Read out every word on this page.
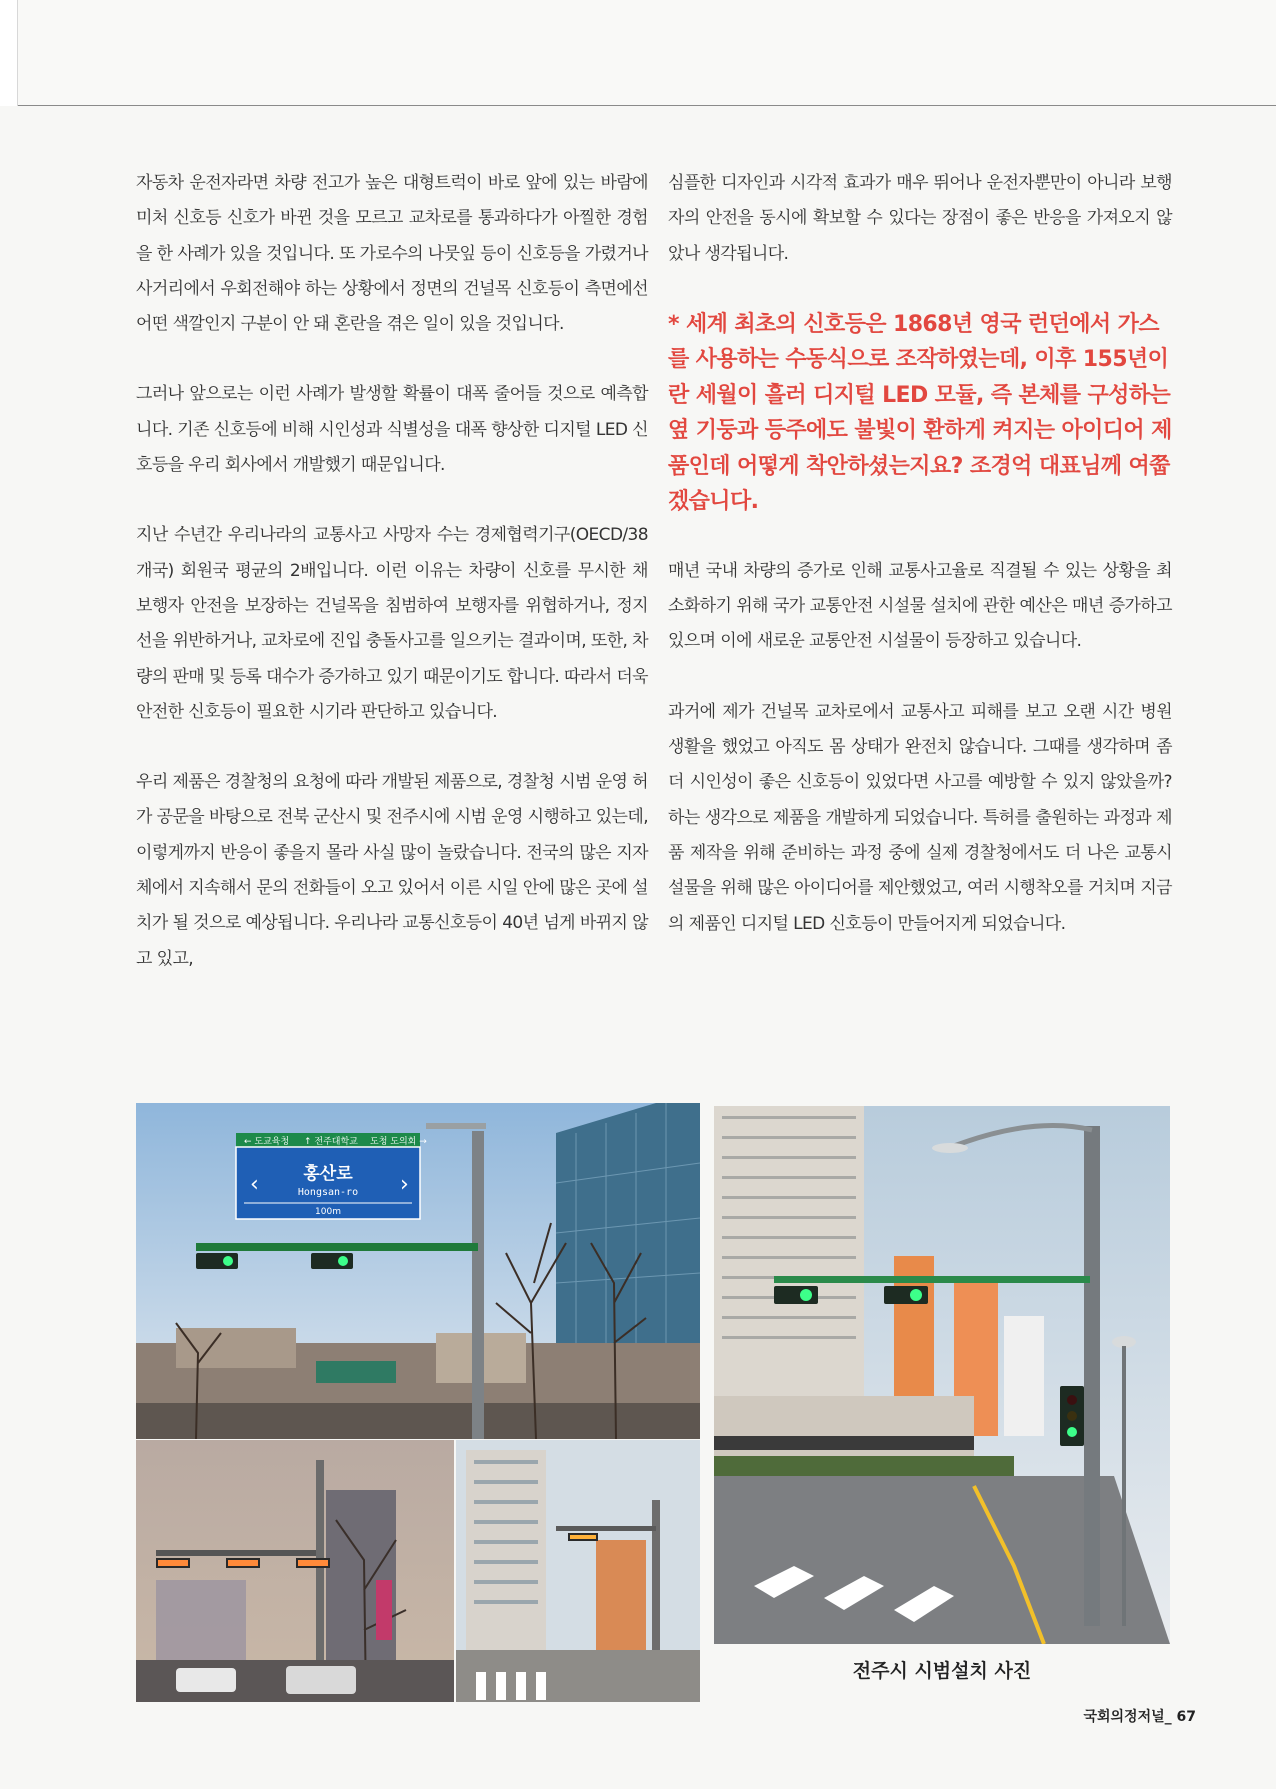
자동차 운전자라면 차량 전고가 높은 대형트럭이 바로 앞에 있는 바람에 미처 신호등 신호가 바뀐 것을 모르고 교차로를 통과하다가 아찔한 경험을 한 사례가 있을 것입니다. 또 가로수의 나뭇잎 등이 신호등을 가렸거나 사거리에서 우회전해야 하는 상황에서 정면의 건널목 신호등이 측면에선 어떤 색깔인지 구분이 안 돼 혼란을 겪은 일이 있을 것입니다.

그러나 앞으로는 이런 사례가 발생할 확률이 대폭 줄어들 것으로 예측합니다. 기존 신호등에 비해 시인성과 식별성을 대폭 향상한 디지털 LED 신호등을 우리 회사에서 개발했기 때문입니다.

지난 수년간 우리나라의 교통사고 사망자 수는 경제협력기구(OECD/38개국) 회원국 평균의 2배입니다. 이런 이유는 차량이 신호를 무시한 채 보행자 안전을 보장하는 건널목을 침범하여 보행자를 위협하거나, 정지선을 위반하거나, 교차로에 진입 충돌사고를 일으키는 결과이며, 또한, 차량의 판매 및 등록 대수가 증가하고 있기 때문이기도 합니다. 따라서 더욱 안전한 신호등이 필요한 시기라 판단하고 있습니다.

우리 제품은 경찰청의 요청에 따라 개발된 제품으로, 경찰청 시범 운영 허가 공문을 바탕으로 전북 군산시 및 전주시에 시범 운영 시행하고 있는데, 이렇게까지 반응이 좋을지 몰라 사실 많이 놀랐습니다. 전국의 많은 지자체에서 지속해서 문의 전화들이 오고 있어서 이른 시일 안에 많은 곳에 설치가 될 것으로 예상됩니다. 우리나라 교통신호등이 40년 넘게 바뀌지 않고 있고,

심플한 디자인과 시각적 효과가 매우 뛰어나 운전자뿐만이 아니라 보행자의 안전을 동시에 확보할 수 있다는 장점이 좋은 반응을 가져오지 않았나 생각됩니다.

* 세계 최초의 신호등은 1868년 영국 런던에서 가스를 사용하는 수동식으로 조작하였는데, 이후 155년이란 세월이 흘러 디지털 LED 모듈, 즉 본체를 구성하는 옆 기둥과 등주에도 불빛이 환하게 켜지는 아이디어 제품인데 어떻게 착안하셨는지요? 조경억 대표님께 여쭙겠습니다.

매년 국내 차량의 증가로 인해 교통사고율로 직결될 수 있는 상황을 최소화하기 위해 국가 교통안전 시설물 설치에 관한 예산은 매년 증가하고 있으며 이에 새로운 교통안전 시설물이 등장하고 있습니다.

과거에 제가 건널목 교차로에서 교통사고 피해를 보고 오랜 시간 병원 생활을 했었고 아직도 몸 상태가 완전치 않습니다. 그때를 생각하며 좀 더 시인성이 좋은 신호등이 있었다면 사고를 예방할 수 있지 않았을까? 하는 생각으로 제품을 개발하게 되었습니다. 특허를 출원하는 과정과 제품 제작을 위해 준비하는 과정 중에 실제 경찰청에서도 더 나은 교통시설물을 위해 많은 아이디어를 제안했었고, 여러 시행착오를 거치며 지금의 제품인 디지털 LED 신호등이 만들어지게 되었습니다.

← 도교육청 ↑ 전주대학교 도청 도의회 →
‹	›
홍산로
Hongsan-ro
100m
전주시 시범설치 사진
국회의정저널_ 67
